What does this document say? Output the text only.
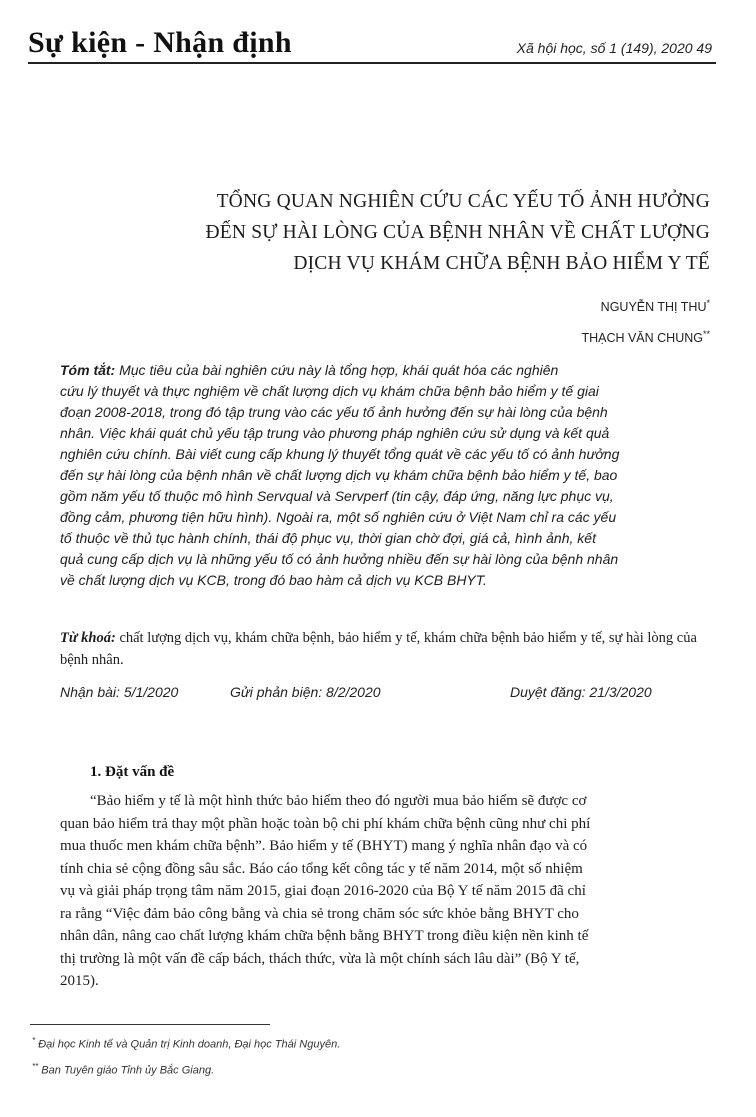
Sự kiện - Nhận định	Xã hội học, số 1 (149), 2020 49
TỔNG QUAN NGHIÊN CỨU CÁC YẾU TỐ ẢNH HƯỞNG
ĐẾN SỰ HÀI LÒNG CỦA BỆNH NHÂN VỀ CHẤT LƯỢNG
DỊCH VỤ KHÁM CHỮA BỆNH BẢO HIỂM Y TẾ
NGUYỄN THỊ THU*
THẠCH VĂN CHUNG**
Tóm tắt: Mục tiêu của bài nghiên cứu này là tổng hợp, khái quát hóa các nghiên
cứu lý thuyết và thực nghiệm về chất lượng dịch vụ khám chữa bệnh bảo hiểm y tế giai
đoạn 2008-2018, trong đó tập trung vào các yếu tố ảnh hưởng đến sự hài lòng của bệnh
nhân. Việc khái quát chủ yếu tập trung vào phương pháp nghiên cứu sử dụng và kết quả
nghiên cứu chính. Bài viết cung cấp khung lý thuyết tổng quát về các yếu tố có ảnh hưởng
đến sự hài lòng của bệnh nhân về chất lượng dịch vụ khám chữa bệnh bảo hiểm y tế, bao
gồm năm yếu tố thuộc mô hình Servqual và Servperf (tin cậy, đáp ứng, năng lực phục vụ,
đồng cảm, phương tiện hữu hình). Ngoài ra, một số nghiên cứu ở Việt Nam chỉ ra các yếu
tố thuộc về thủ tục hành chính, thái độ phục vụ, thời gian chờ đợi, giá cả, hình ảnh, kết
quả cung cấp dịch vụ là những yếu tố có ảnh hưởng nhiều đến sự hài lòng của bệnh nhân
về chất lượng dịch vụ KCB, trong đó bao hàm cả dịch vụ KCB BHYT.
Từ khoá: chất lượng dịch vụ, khám chữa bệnh, bảo hiểm y tế, khám chữa bệnh bảo hiểm y tế, sự hài lòng của bệnh nhân.
Nhận bài: 5/1/2020	Gửi phản biện: 8/2/2020	Duyệt đăng: 21/3/2020
1. Đặt vấn đề
“Bảo hiểm y tế là một hình thức bảo hiểm theo đó người mua bảo hiểm sẽ được cơ
quan bảo hiểm trả thay một phần hoặc toàn bộ chi phí khám chữa bệnh cũng như chi phí
mua thuốc men khám chữa bệnh”. Bảo hiểm y tế (BHYT) mang ý nghĩa nhân đạo và có
tính chia sẻ cộng đồng sâu sắc. Báo cáo tổng kết công tác y tế năm 2014, một số nhiệm
vụ và giải pháp trọng tâm năm 2015, giai đoạn 2016-2020 của Bộ Y tế năm 2015 đã chỉ
ra rằng “Việc đảm bảo công bằng và chia sẻ trong chăm sóc sức khỏe bằng BHYT cho
nhân dân, nâng cao chất lượng khám chữa bệnh bằng BHYT trong điều kiện nền kinh tế
thị trường là một vấn đề cấp bách, thách thức, vừa là một chính sách lâu dài” (Bộ Y tế,
2015).
* Đại học Kinh tế và Quản trị Kinh doanh, Đại học Thái Nguyên.
** Ban Tuyên giáo Tỉnh ủy Bắc Giang.
